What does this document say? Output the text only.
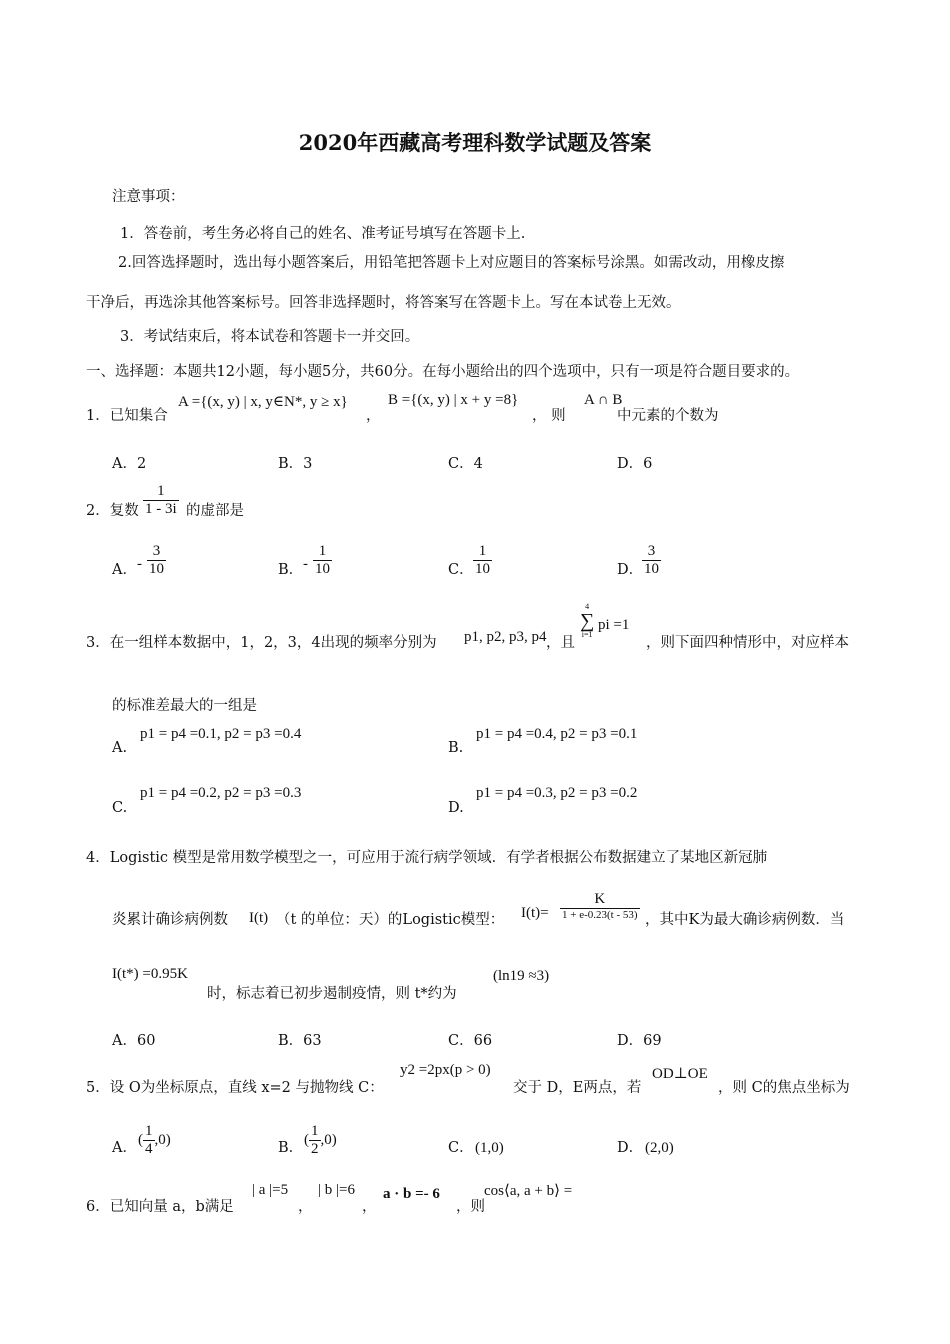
2020年西藏高考理科数学试题及答案
注意事项：
1．答卷前，考生务必将自己的姓名、准考证号填写在答题卡上.
2.回答选择题时，选出每小题答案后，用铅笔把答题卡上对应题目的答案标号涂黑。如需改动，用橡皮擦
干净后，再选涂其他答案标号。回答非选择题时，将答案写在答题卡上。写在本试卷上无效。
3．考试结束后，将本试卷和答题卡一并交回。
一、选择题：本题共12小题，每小题5分，共60分。在每小题给出的四个选项中，只有一项是符合题目要求的。
1．已知集合
A ={(x, y) | x, y∈N*, y ≥ x}
，
B ={(x, y) | x + y =8}
， 则
A ∩ B
中元素的个数为
A．2	B．3	C．4	D．6
2．复数 $\frac{1}{1 - 3i}$ 的虚部是
A． - $\frac{3}{10}$	B． - $\frac{1}{10}$	C． $\frac{1}{10}$	D．
$\frac{3}{10}$
3．在一组样本数据中，1，2，3，4出现的频率分别为 p1, p2, p3, p4 ，且
4
∑
i=1
pi =1
，则下面四种情形中，对应样本
的标准差最大的一组是
A.
p1 = p4 =0.1, p2 = p3 =0.4
B.
p1 = p4 =0.4, p2 = p3 =0.1
C.
p1 = p4 =0.2, p2 = p3 =0.3
D.
p1 = p4 =0.3, p2 = p3 =0.2
4．Logistic 模型是常用数学模型之一，可应用于流行病学领域．有学者根据公布数据建立了某地区新冠肺
炎累计确诊病例数 I(t) （t 的单位：天）的Logistic模型： I(t)=
K
1 + e-0.23(t - 53) ，其中K为最大确诊病例数．当
I(t*) =0.95K
时，标志着已初步遏制疫情，则 t*约为
(ln19 ≈3)
A．60	B．63	C．66	D．69
5．设 O为坐标原点，直线 x=2 与抛物线 C：
y2 =2px(p > 0)
交于 D，E两点，若
OD⊥OE
，则 C的焦点坐标为
A． ( $\frac{1}{4} ,0$ )	B． ( $\frac{1}{2} ,0$ )	C． (1,0)	D． (2,0)
6．已知向量 a，b满足
| a |=5
，
| b |=6
，
a · b =- 6
，则
cos⟨a, a + b⟩ =
